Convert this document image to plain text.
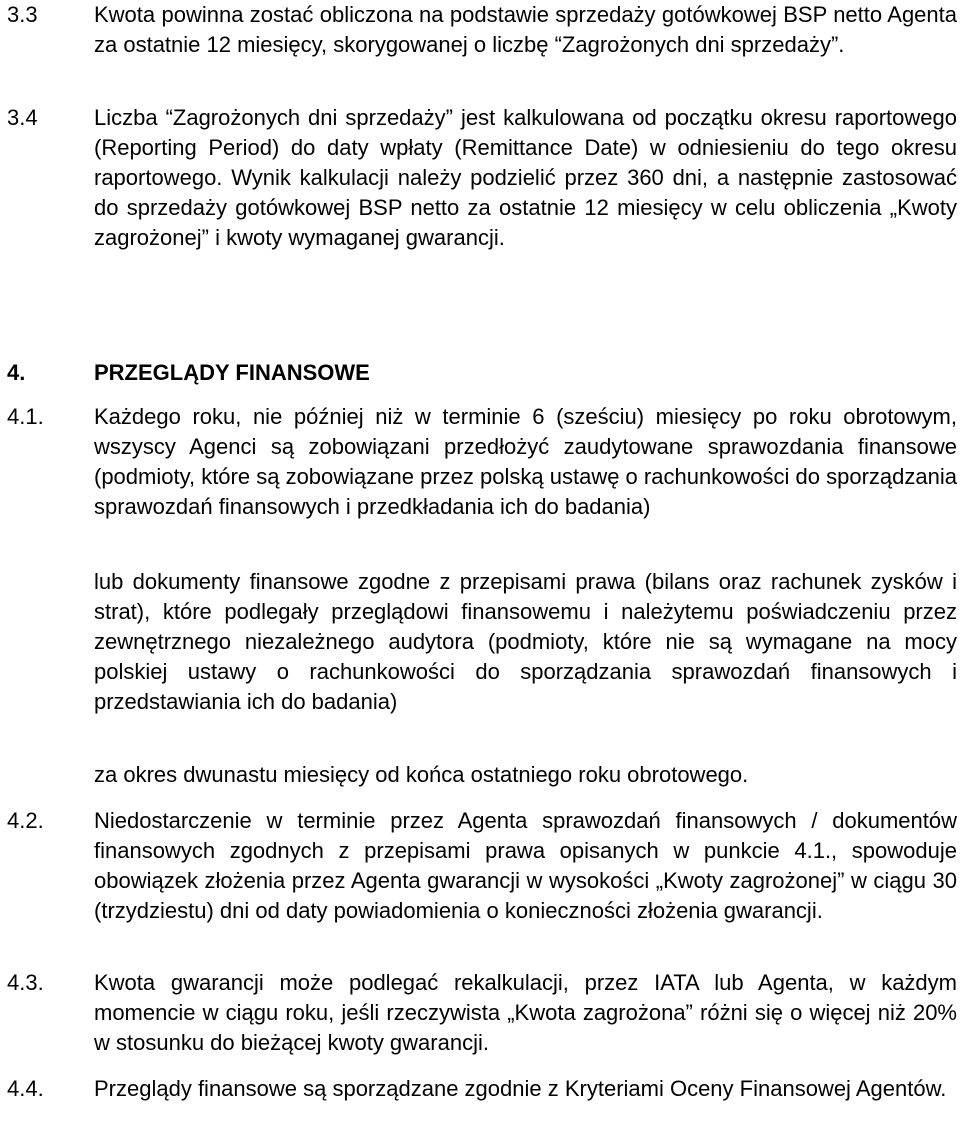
3.3	Kwota powinna zostać obliczona na podstawie sprzedaży gotówkowej BSP netto Agenta za ostatnie 12 miesięcy, skorygowanej o liczbę “Zagrożonych dni sprzedaży”.

3.4	Liczba “Zagrożonych dni sprzedaży” jest kalkulowana od początku okresu raportowego (Reporting Period) do daty wpłaty (Remittance Date) w odniesieniu do tego okresu raportowego. Wynik kalkulacji należy podzielić przez 360 dni, a następnie zastosować do sprzedaży gotówkowej BSP netto za ostatnie 12 miesięcy w celu obliczenia „Kwoty zagrożonej” i kwoty wymaganej gwarancji.

4.	PRZEGLĄDY FINANSOWE
4.1. Każdego roku, nie później niż w terminie 6 (sześciu) miesięcy po roku obrotowym, wszyscy Agenci są zobowiązani przedłożyć zaudytowane sprawozdania finansowe (podmioty, które są zobowiązane przez polską ustawę o rachunkowości do sporządzania sprawozdań finansowych i przedkładania ich do badania)

lub dokumenty finansowe zgodne z przepisami prawa (bilans oraz rachunek zysków i strat), które podlegały przeglądowi finansowemu i należytemu poświadczeniu przez zewnętrznego niezależnego audytora (podmioty, które nie są wymagane na mocy polskiej ustawy o rachunkowości do sporządzania sprawozdań finansowych i przedstawiania ich do badania)

za okres dwunastu miesięcy od końca ostatniego roku obrotowego.

4.2. Niedostarczenie w terminie przez Agenta sprawozdań finansowych / dokumentów finansowych zgodnych z przepisami prawa opisanych w punkcie 4.1., spowoduje obowiązek złożenia przez Agenta gwarancji w wysokości „Kwoty zagrożonej” w ciągu 30 (trzydziestu) dni od daty powiadomienia o konieczności złożenia gwarancji.

4.3. Kwota gwarancji może podlegać rekalkulacji, przez IATA lub Agenta, w każdym momencie w ciągu roku, jeśli rzeczywista „Kwota zagrożona” różni się o więcej niż 20% w stosunku do bieżącej kwoty gwarancji.

4.4. Przeglądy finansowe są sporządzane zgodnie z Kryteriami Oceny Finansowej Agentów.
